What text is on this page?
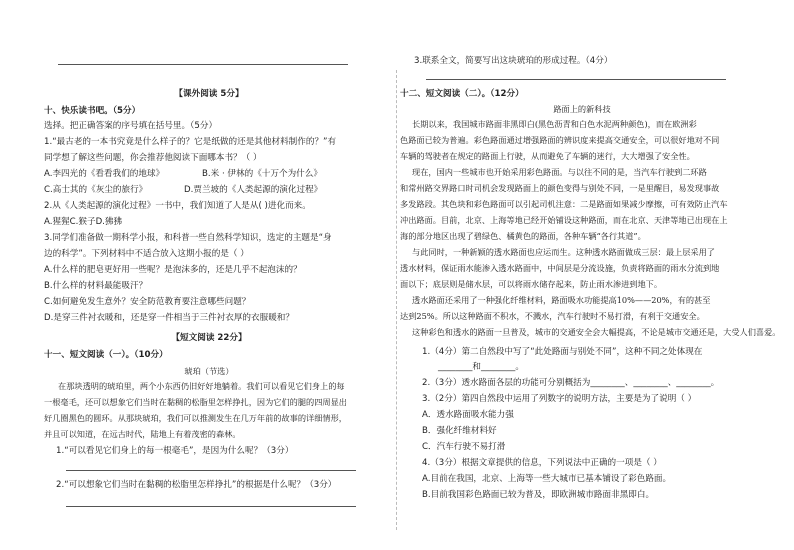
【课外阅读 5分】
十、快乐读书吧。（5分）
选择。把正确答案的序号填在括号里。（5分）
1.“最古老的一本书究竟是什么样子的？它是纸做的还是其他材料制作的？”有
同学想了解这些问题，你会推荐他阅读下面哪本书？（ ）
A.李四光的《看看我们的地球》	B.米 · 伊林的《十万个为什么》
C.高士其的《灰尘的旅行》	D.贾兰坡的《人类起源的演化过程》
2.从《人类起源的演化过程》一书中，我们知道了人是从( )进化而来。
A.猩猩C.猴子D.狒狒
3.同学们准备做一期科学小报，和科普一些自然科学知识，选定的主题是“身
边的科学”。下列材料中不适合放入这期小报的是（ ）
A.什么样的肥皂更好用一些呢？是泡沫多的，还是几乎不起泡沫的？
B.什么样的材料最能吸汗？
C.如何避免发生意外？安全防范教育要注意哪些问题？
D.是穿三件衬衣暖和，还是穿一件相当于三件衬衣厚的衣服暖和？
【短文阅读 22分】
十一、短文阅读（一）。（10分）
琥珀（节选）
在那块透明的琥珀里，两个小东西仍旧好好地躺着。我们可以看见它们身上的每
一根毫毛，还可以想象它们当时在黏稠的松脂里怎样挣扎，因为它们的腿的四周显出
好几圈黑色的圆环。从那块琥珀，我们可以推测发生在几万年前的故事的详细情形，
并且可以知道，在远古时代，陆地上有着茂密的森林。
1.“可以看见它们身上的每一根毫毛”，是因为什么呢？（3分）
2.“可以想象它们当时在黏稠的松脂里怎样挣扎”的根据是什么呢？（3分）
3.联系全文，简要写出这块琥珀的形成过程。（4分）
十二、短文阅读（二）。（12分）
路面上的新科技
长期以来，我国城市路面非黑即白(黑色沥青和白色水泥两种颜色)，而在欧洲彩
色路面已较为普遍。彩色路面通过增强路面的辨识度来提高交通安全，可以很好地对不同
车辆的驾驶者在规定的路面上行驶，从而避免了车辆的迷行，大大增强了安全性。
现在，国内一些城市也开始采用彩色路面。与以往不同的是，当汽车行驶到二环路
和常州路交界路口时司机会发现路面上的颜色变得与别处不同，一是里醒目，易发现事故
多发路段。其色块和彩色路面可以引起司机注意：二是路面如果减少摩擦，可有效防止汽车
冲出路面。目前，北京、上海等地已经开始铺设这种路面，而在北京、天津等地已出现在上
海的部分地区出现了碧绿色、橘黄色的路面，各种车辆“各行其道”。
与此同时，一种新颖的透水路面也应运而生。这种透水路面做成三层：最上层采用了
透水材料，保证雨水能渗入透水路面中，中间层是分流设施，负责将路面的雨水分流到地
面以下；底层则是储水层，可以将雨水储存起来，防止雨水渗进到地下。
透水路面还采用了一种强化纤维材料，路面吸水功能提高10%——20%，有的甚至
达到25%。所以这种路面不积水，不溅水，汽车行驶时不易打滑，有利于交通安全。
这种彩色和透水的路面一旦普及，城市的交通安全会大幅提高，不论是城市交通还是，大受人们喜爱。
1.（4分）第二自然段中写了“此处路面与别处不同”，这种不同之处体现在
________和________。
2.（3分）透水路面各层的功能可分别概括为________、________、________。
3.（2分）第四自然段中运用了列数字的说明方法，主要是为了说明（ ）
A．透水路面吸水能力强
B．强化纤维材料好
C．汽车行驶不易打滑
4.（3分）根据文章提供的信息，下列说法中正确的一项是（ ）
A.目前在我国，北京、上海等一些大城市已基本铺设了彩色路面。
B.目前我国彩色路面已较为普及，即欧洲城市路面非黑即白。
